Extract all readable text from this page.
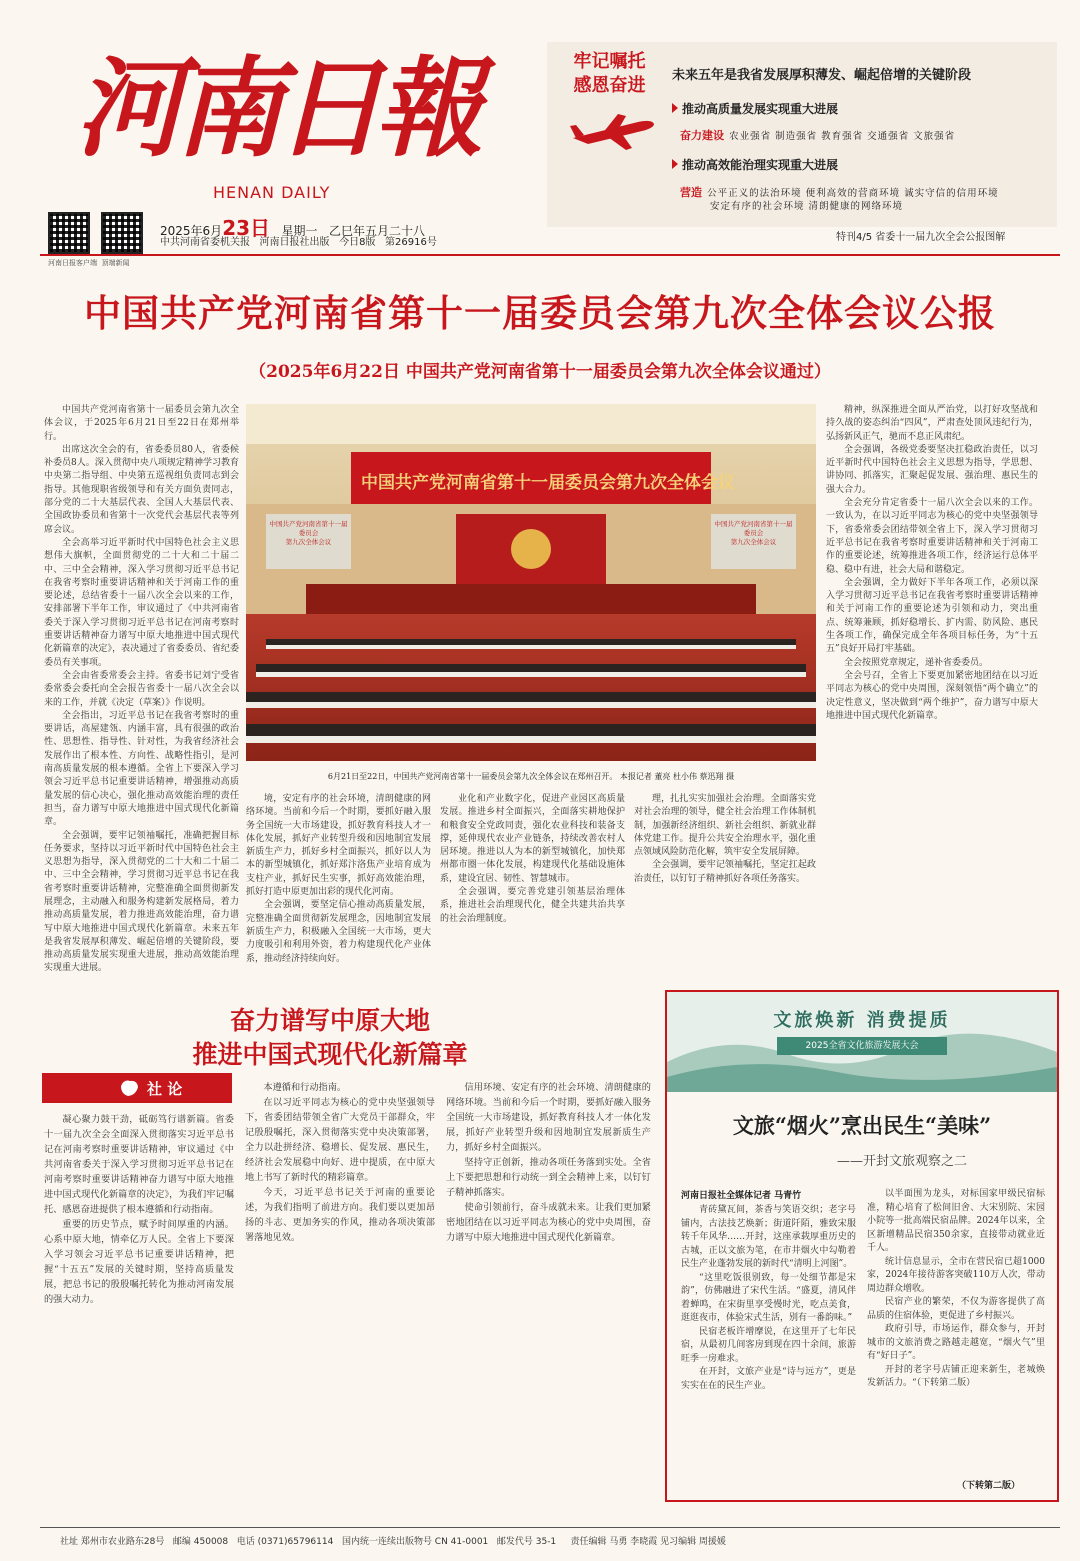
河南日報
HENAN DAILY

河南日报客户端 顶端新闻
2025年6月23日 星期一 乙巳年五月二十八
中共河南省委机关报 河南日报社出版 今日8版 第26916号
牢记嘱托
感恩奋进	未来五年是我省发展厚积薄发、崛起倍增的关键阶段
推动高质量发展实现重大进展
奋力建设 农业强省 制造强省 教育强省 交通强省 文旅强省
推动高效能治理实现重大进展
营造 公平正义的法治环境 便利高效的营商环境 诚实守信的信用环境
安定有序的社会环境 清朗健康的网络环境
特刊4/5 省委十一届九次全会公报图解
中国共产党河南省第十一届委员会第九次全体会议公报
（2025年6月22日 中国共产党河南省第十一届委员会第九次全体会议通过）

中国共产党河南省第十一届委员会第九次全体会议，于2025年6月21日至22日在郑州举行。

出席这次全会的有，省委委员80人，省委候补委员8人。深入贯彻中央八项规定精神学习教育中央第二指导组、中央第五巡视组负责同志到会指导。其他现职省级领导和有关方面负责同志，部分党的二十大基层代表、全国人大基层代表、全国政协委员和省第十一次党代会基层代表等列席会议。

全会高举习近平新时代中国特色社会主义思想伟大旗帜，全面贯彻党的二十大和二十届二中、三中全会精神，深入学习贯彻习近平总书记在我省考察时重要讲话精神和关于河南工作的重要论述，总结省委十一届八次全会以来的工作，安排部署下半年工作，审议通过了《中共河南省委关于深入学习贯彻习近平总书记在河南考察时重要讲话精神奋力谱写中原大地推进中国式现代化新篇章的决定》，表决通过了省委委员、省纪委委员有关事项。

全会由省委常委会主持。省委书记刘宁受省委常委会委托向全会报告省委十一届八次全会以来的工作，并就《决定（草案）》作说明。

全会指出，习近平总书记在我省考察时的重要讲话，高屋建瓴、内涵丰富，具有很强的政治性、思想性、指导性、针对性，为我省经济社会发展作出了根本性、方向性、战略性指引，是河南高质量发展的根本遵循。全省上下要深入学习领会习近平总书记重要讲话精神，增强推动高质量发展的信心决心，强化推动高效能治理的责任担当，奋力谱写中原大地推进中国式现代化新篇章。

全会强调，要牢记领袖嘱托，准确把握目标任务要求，坚持以习近平新时代中国特色社会主义思想为指导，深入贯彻党的二十大和二十届二中、三中全会精神，学习贯彻习近平总书记在我省考察时重要讲话精神，完整准确全面贯彻新发展理念，主动融入和服务构建新发展格局，着力推动高质量发展，着力推进高效能治理，奋力谱写中原大地推进中国式现代化新篇章。未来五年是我省发展厚积薄发、崛起倍增的关键阶段，要推动高质量发展实现重大进展，推动高效能治理实现重大进展。

中国共产党河南省第十一届委员会第九次全体会议
中国共产党河南省第十一届委员会
第九次全体会议
中国共产党河南省第十一届委员会
第九次全体会议
6月21日至22日，中国共产党河南省第十一届委员会第九次全体会议在郑州召开。 本报记者 董亮 杜小伟 蔡迅翔 摄

境，安定有序的社会环境，清朗健康的网络环境。当前和今后一个时期，要抓好融入服务全国统一大市场建设，抓好教育科技人才一体化发展，抓好产业转型升级和因地制宜发展新质生产力，抓好乡村全面振兴，抓好以人为本的新型城镇化，抓好郑汴洛焦产业培育成为支柱产业，抓好民生实事，抓好高效能治理，抓好打造中原更加出彩的现代化河南。

全会强调，要坚定信心推动高质量发展，完整准确全面贯彻新发展理念，因地制宜发展新质生产力，积极融入全国统一大市场，更大力度吸引和利用外资，着力构建现代化产业体系，推动经济持续向好。

业化和产业数字化，促进产业园区高质量发展。推进乡村全面振兴，全面落实耕地保护和粮食安全党政同责，强化农业科技和装备支撑，延伸现代农业产业链条，持续改善农村人居环境。推进以人为本的新型城镇化，加快郑州都市圈一体化发展，构建现代化基础设施体系，建设宜居、韧性、智慧城市。

全会强调，要完善党建引领基层治理体系，推进社会治理现代化，健全共建共治共享的社会治理制度。

理，扎扎实实加强社会治理。全面落实党对社会治理的领导，健全社会治理工作体制机制，加强新经济组织、新社会组织、新就业群体党建工作。提升公共安全治理水平，强化重点领域风险防范化解，筑牢安全发展屏障。

全会强调，要牢记领袖嘱托，坚定扛起政治责任，以钉钉子精神抓好各项任务落实。

精神，纵深推进全面从严治党，以打好攻坚战和持久战的姿态纠治“四风”，严肃查处顶风违纪行为，弘扬新风正气，驰而不息正风肃纪。

全会强调，各级党委要坚决扛稳政治责任，以习近平新时代中国特色社会主义思想为指导，学思想、讲协同、抓落实，汇聚起促发展、强治理、惠民生的强大合力。

全会充分肯定省委十一届八次全会以来的工作。一致认为，在以习近平同志为核心的党中央坚强领导下，省委常委会团结带领全省上下，深入学习贯彻习近平总书记在我省考察时重要讲话精神和关于河南工作的重要论述，统筹推进各项工作，经济运行总体平稳、稳中有进，社会大局和谐稳定。

全会强调，全力做好下半年各项工作，必须以深入学习贯彻习近平总书记在我省考察时重要讲话精神和关于河南工作的重要论述为引领和动力，突出重点、统筹兼顾，抓好稳增长、扩内需、防风险、惠民生各项工作，确保完成全年各项目标任务，为“十五五”良好开局打牢基础。

全会按照党章规定，递补省委委员。

全会号召，全省上下要更加紧密地团结在以习近平同志为核心的党中央周围，深刻领悟“两个确立”的决定性意义，坚决做到“两个维护”，奋力谱写中原大地推进中国式现代化新篇章。

奋力谱写中原大地
推进中国式现代化新篇章
社 论

凝心聚力鼓干劲，砥砺笃行谱新篇。省委十一届九次全会全面深入贯彻落实习近平总书记在河南考察时重要讲话精神，审议通过《中共河南省委关于深入学习贯彻习近平总书记在河南考察时重要讲话精神奋力谱写中原大地推进中国式现代化新篇章的决定》，为我们牢记嘱托、感恩奋进提供了根本遵循和行动指南。

重要的历史节点，赋予时间厚重的内涵。心系中原大地，情牵亿万人民。全省上下要深入学习领会习近平总书记重要讲话精神，把握“十五五”发展的关键时期，坚持高质量发展，把总书记的殷殷嘱托转化为推动河南发展的强大动力。

本遵循和行动指南。

在以习近平同志为核心的党中央坚强领导下，省委团结带领全省广大党员干部群众，牢记殷殷嘱托，深入贯彻落实党中央决策部署，全力以赴拼经济、稳增长、促发展、惠民生，经济社会发展稳中向好、进中提质，在中原大地上书写了新时代的精彩篇章。

今天，习近平总书记关于河南的重要论述，为我们指明了前进方向。我们要以更加昂扬的斗志、更加务实的作风，推动各项决策部署落地见效。

信用环境、安定有序的社会环境、清朗健康的网络环境。当前和今后一个时期，要抓好融入服务全国统一大市场建设，抓好教育科技人才一体化发展，抓好产业转型升级和因地制宜发展新质生产力，抓好乡村全面振兴。

坚持守正创新，推动各项任务落到实处。全省上下要把思想和行动统一到全会精神上来，以钉钉子精神抓落实。

使命引领前行，奋斗成就未来。让我们更加紧密地团结在以习近平同志为核心的党中央周围，奋力谱写中原大地推进中国式现代化新篇章。

文旅焕新 消费提质
2025全省文化旅游发展大会
文旅“烟火”烹出民生“美味”
——开封文旅观察之二
河南日报社全媒体记者 马青竹

青砖黛瓦间，茶香与笑语交织；老字号铺内，古法技艺焕新；街道阡陌，雅致宋服转千年风华……开封，这座承载厚重历史的古城，正以文旅为笔，在市井烟火中勾勒着民生产业蓬勃发展的新时代“清明上河图”。

“这里吃饭很别致，每一处细节都是宋韵”，仿佛融进了宋代生活。“盛夏，清风伴着蝉鸣，在宋街里享受慢时光，吃点美食，逛逛夜市，体验宋式生活，别有一番韵味。”

民宿老板许增摩说，在这里开了七年民宿，从最初几间客房到现在四十余间，旅游旺季一房难求。

在开封，文旅产业是“诗与远方”，更是实实在在的民生产业。

以半面围为龙头，对标国家甲级民宿标准，精心培育了松间旧舍、大宋别院、宋园小院等一批高端民宿品牌。2024年以来，全区新增精品民宿350余家，直接带动就业近千人。

统计信息显示，全市在营民宿已超1000家，2024年接待游客突破110万人次，带动周边群众增收。

民宿产业的繁荣，不仅为游客提供了高品质的住宿体验，更促进了乡村振兴。

政府引导，市场运作，群众参与，开封城市的文旅消费之路越走越宽，“烟火气”里有“好日子”。

开封的老字号店铺正迎来新生，老城焕发新活力。“（下转第二版）

（下转第二版）
社址 郑州市农业路东28号 邮编 450008 电话 (0371)65796114 国内统一连续出版物号 CN 41-0001 邮发代号 35-1 责任编辑 马勇 李晓霞 见习编辑 周援媛
